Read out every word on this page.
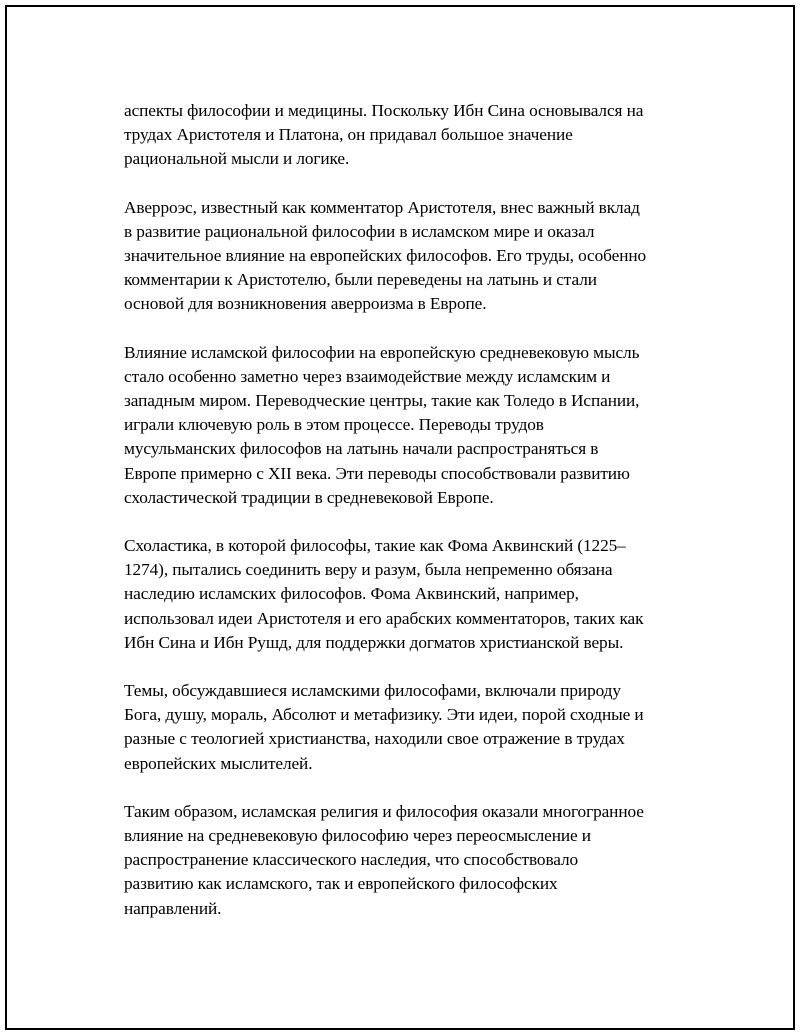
аспекты философии и медицины. Поскольку Ибн Сина основывался на
трудах Аристотеля и Платона, он придавал большое значение
рациональной мысли и логике.

Аверроэс, известный как комментатор Аристотеля, внес важный вклад
в развитие рациональной философии в исламском мире и оказал
значительное влияние на европейских философов. Его труды, особенно
комментарии к Аристотелю, были переведены на латынь и стали
основой для возникновения аверроизма в Европе.

Влияние исламской философии на европейскую средневековую мысль
стало особенно заметно через взаимодействие между исламским и
западным миром. Переводческие центры, такие как Толедо в Испании,
играли ключевую роль в этом процессе. Переводы трудов
мусульманских философов на латынь начали распространяться в
Европе примерно с XII века. Эти переводы способствовали развитию
схоластической традиции в средневековой Европе.

Схоластика, в которой философы, такие как Фома Аквинский (1225–
1274), пытались соединить веру и разум, была непременно обязана
наследию исламских философов. Фома Аквинский, например,
использовал идеи Аристотеля и его арабских комментаторов, таких как
Ибн Сина и Ибн Рушд, для поддержки догматов христианской веры.

Темы, обсуждавшиеся исламскими философами, включали природу
Бога, душу, мораль, Абсолют и метафизику. Эти идеи, порой сходные и
разные с теологией христианства, находили свое отражение в трудах
европейских мыслителей.

Таким образом, исламская религия и философия оказали многогранное
влияние на средневековую философию через переосмысление и
распространение классического наследия, что способствовало
развитию как исламского, так и европейского философских
направлений.
